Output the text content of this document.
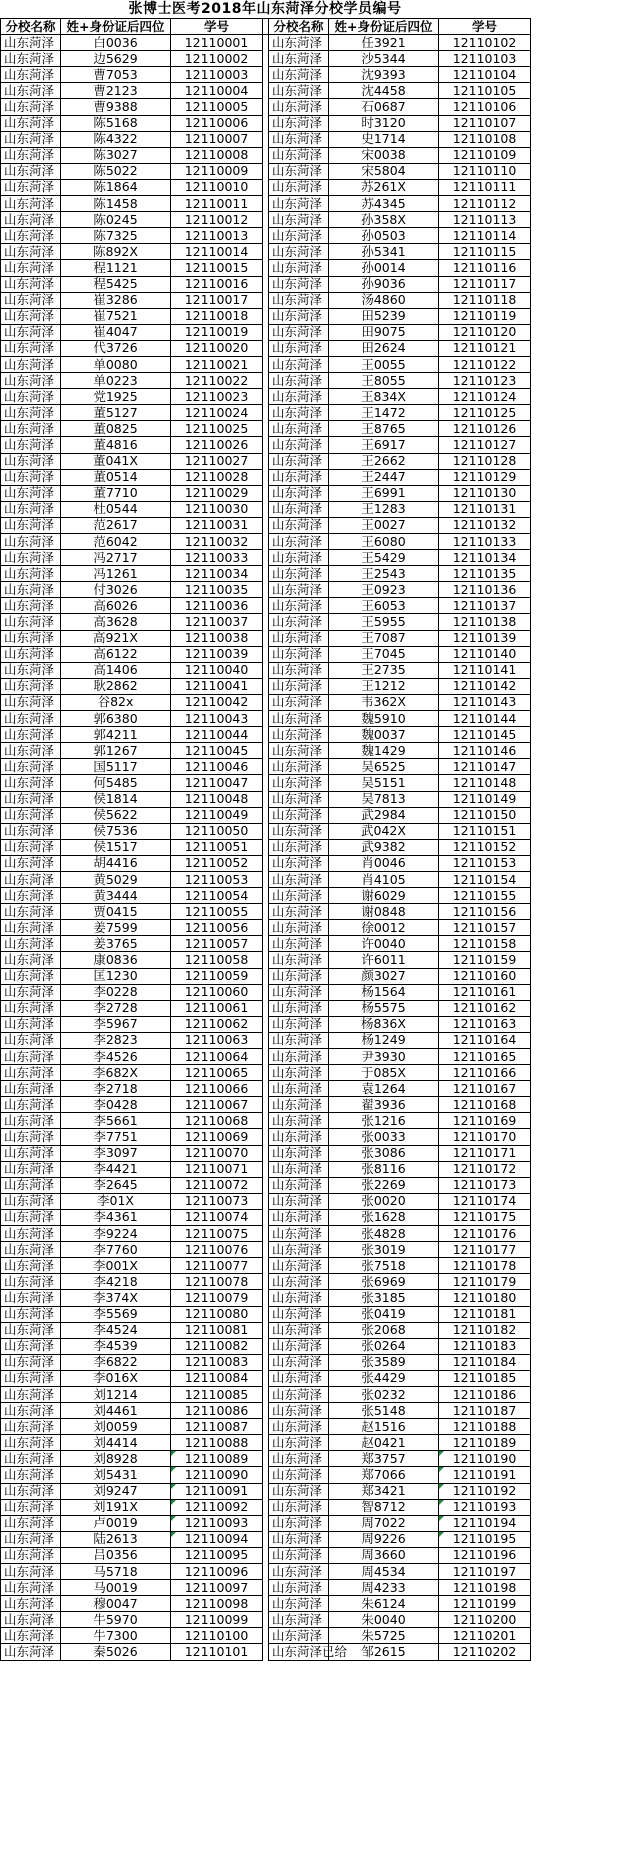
张博士医考2018年山东菏泽分校学员编号
分校名称	姓+身份证后四位	学号		分校名称	姓+身份证后四位	学号
山东菏泽	白0036	12110001		山东菏泽	任3921	12110102
山东菏泽	边5629	12110002		山东菏泽	沙5344	12110103
山东菏泽	曹7053	12110003		山东菏泽	沈9393	12110104
山东菏泽	曹2123	12110004		山东菏泽	沈4458	12110105
山东菏泽	曹9388	12110005		山东菏泽	石0687	12110106
山东菏泽	陈5168	12110006		山东菏泽	时3120	12110107
山东菏泽	陈4322	12110007		山东菏泽	史1714	12110108
山东菏泽	陈3027	12110008		山东菏泽	宋0038	12110109
山东菏泽	陈5022	12110009		山东菏泽	宋5804	12110110
山东菏泽	陈1864	12110010		山东菏泽	苏261X	12110111
山东菏泽	陈1458	12110011		山东菏泽	苏4345	12110112
山东菏泽	陈0245	12110012		山东菏泽	孙358X	12110113
山东菏泽	陈7325	12110013		山东菏泽	孙0503	12110114
山东菏泽	陈892X	12110014		山东菏泽	孙5341	12110115
山东菏泽	程1121	12110015		山东菏泽	孙0014	12110116
山东菏泽	程5425	12110016		山东菏泽	孙9036	12110117
山东菏泽	崔3286	12110017		山东菏泽	汤4860	12110118
山东菏泽	崔7521	12110018		山东菏泽	田5239	12110119
山东菏泽	崔4047	12110019		山东菏泽	田9075	12110120
山东菏泽	代3726	12110020		山东菏泽	田2624	12110121
山东菏泽	单0080	12110021		山东菏泽	王0055	12110122
山东菏泽	单0223	12110022		山东菏泽	王8055	12110123
山东菏泽	党1925	12110023		山东菏泽	王834X	12110124
山东菏泽	董5127	12110024		山东菏泽	王1472	12110125
山东菏泽	董0825	12110025		山东菏泽	王8765	12110126
山东菏泽	董4816	12110026		山东菏泽	王6917	12110127
山东菏泽	董041X	12110027		山东菏泽	王2662	12110128
山东菏泽	董0514	12110028		山东菏泽	王2447	12110129
山东菏泽	董7710	12110029		山东菏泽	王6991	12110130
山东菏泽	杜0544	12110030		山东菏泽	王1283	12110131
山东菏泽	范2617	12110031		山东菏泽	王0027	12110132
山东菏泽	范6042	12110032		山东菏泽	王6080	12110133
山东菏泽	冯2717	12110033		山东菏泽	王5429	12110134
山东菏泽	冯1261	12110034		山东菏泽	王2543	12110135
山东菏泽	付3026	12110035		山东菏泽	王0923	12110136
山东菏泽	高6026	12110036		山东菏泽	王6053	12110137
山东菏泽	高3628	12110037		山东菏泽	王5955	12110138
山东菏泽	高921X	12110038		山东菏泽	王7087	12110139
山东菏泽	高6122	12110039		山东菏泽	王7045	12110140
山东菏泽	高1406	12110040		山东菏泽	王2735	12110141
山东菏泽	耿2862	12110041		山东菏泽	王1212	12110142
山东菏泽	谷82x	12110042		山东菏泽	韦362X	12110143
山东菏泽	郭6380	12110043		山东菏泽	魏5910	12110144
山东菏泽	郭4211	12110044		山东菏泽	魏0037	12110145
山东菏泽	郭1267	12110045		山东菏泽	魏1429	12110146
山东菏泽	国5117	12110046		山东菏泽	吴6525	12110147
山东菏泽	何5485	12110047		山东菏泽	吴5151	12110148
山东菏泽	侯1814	12110048		山东菏泽	吴7813	12110149
山东菏泽	侯5622	12110049		山东菏泽	武2984	12110150
山东菏泽	侯7536	12110050		山东菏泽	武042X	12110151
山东菏泽	侯1517	12110051		山东菏泽	武9382	12110152
山东菏泽	胡4416	12110052		山东菏泽	肖0046	12110153
山东菏泽	黄5029	12110053		山东菏泽	肖4105	12110154
山东菏泽	黄3444	12110054		山东菏泽	谢6029	12110155
山东菏泽	贾0415	12110055		山东菏泽	谢0848	12110156
山东菏泽	姜7599	12110056		山东菏泽	徐0012	12110157
山东菏泽	姜3765	12110057		山东菏泽	许0040	12110158
山东菏泽	康0836	12110058		山东菏泽	许6011	12110159
山东菏泽	匡1230	12110059		山东菏泽	颜3027	12110160
山东菏泽	李0228	12110060		山东菏泽	杨1564	12110161
山东菏泽	李2728	12110061		山东菏泽	杨5575	12110162
山东菏泽	李5967	12110062		山东菏泽	杨836X	12110163
山东菏泽	李2823	12110063		山东菏泽	杨1249	12110164
山东菏泽	李4526	12110064		山东菏泽	尹3930	12110165
山东菏泽	李682X	12110065		山东菏泽	于085X	12110166
山东菏泽	李2718	12110066		山东菏泽	袁1264	12110167
山东菏泽	李0428	12110067		山东菏泽	翟3936	12110168
山东菏泽	李5661	12110068		山东菏泽	张1216	12110169
山东菏泽	李7751	12110069		山东菏泽	张0033	12110170
山东菏泽	李3097	12110070		山东菏泽	张3086	12110171
山东菏泽	李4421	12110071		山东菏泽	张8116	12110172
山东菏泽	李2645	12110072		山东菏泽	张2269	12110173
山东菏泽	李01X	12110073		山东菏泽	张0020	12110174
山东菏泽	李4361	12110074		山东菏泽	张1628	12110175
山东菏泽	李9224	12110075		山东菏泽	张4828	12110176
山东菏泽	李7760	12110076		山东菏泽	张3019	12110177
山东菏泽	李001X	12110077		山东菏泽	张7518	12110178
山东菏泽	李4218	12110078		山东菏泽	张6969	12110179
山东菏泽	李374X	12110079		山东菏泽	张3185	12110180
山东菏泽	李5569	12110080		山东菏泽	张0419	12110181
山东菏泽	李4524	12110081		山东菏泽	张2068	12110182
山东菏泽	李4539	12110082		山东菏泽	张0264	12110183
山东菏泽	李6822	12110083		山东菏泽	张3589	12110184
山东菏泽	李016X	12110084		山东菏泽	张4429	12110185
山东菏泽	刘1214	12110085		山东菏泽	张0232	12110186
山东菏泽	刘4461	12110086		山东菏泽	张5148	12110187
山东菏泽	刘0059	12110087		山东菏泽	赵1516	12110188
山东菏泽	刘4414	12110088		山东菏泽	赵0421	12110189
山东菏泽	刘8928	12110089		山东菏泽	郑3757	12110190
山东菏泽	刘5431	12110090		山东菏泽	郑7066	12110191
山东菏泽	刘9247	12110091		山东菏泽	郑3421	12110192
山东菏泽	刘191X	12110092		山东菏泽	智8712	12110193
山东菏泽	卢0019	12110093		山东菏泽	周7022	12110194
山东菏泽	陆2613	12110094		山东菏泽	周9226	12110195
山东菏泽	吕0356	12110095		山东菏泽	周3660	12110196
山东菏泽	马5718	12110096		山东菏泽	周4534	12110197
山东菏泽	马0019	12110097		山东菏泽	周4233	12110198
山东菏泽	穆0047	12110098		山东菏泽	朱6124	12110199
山东菏泽	牛5970	12110099		山东菏泽	朱0040	12110200
山东菏泽	牛7300	12110100		山东菏泽	朱5725	12110201
山东菏泽	秦5026	12110101		山东菏泽已给	邹2615	12110202
